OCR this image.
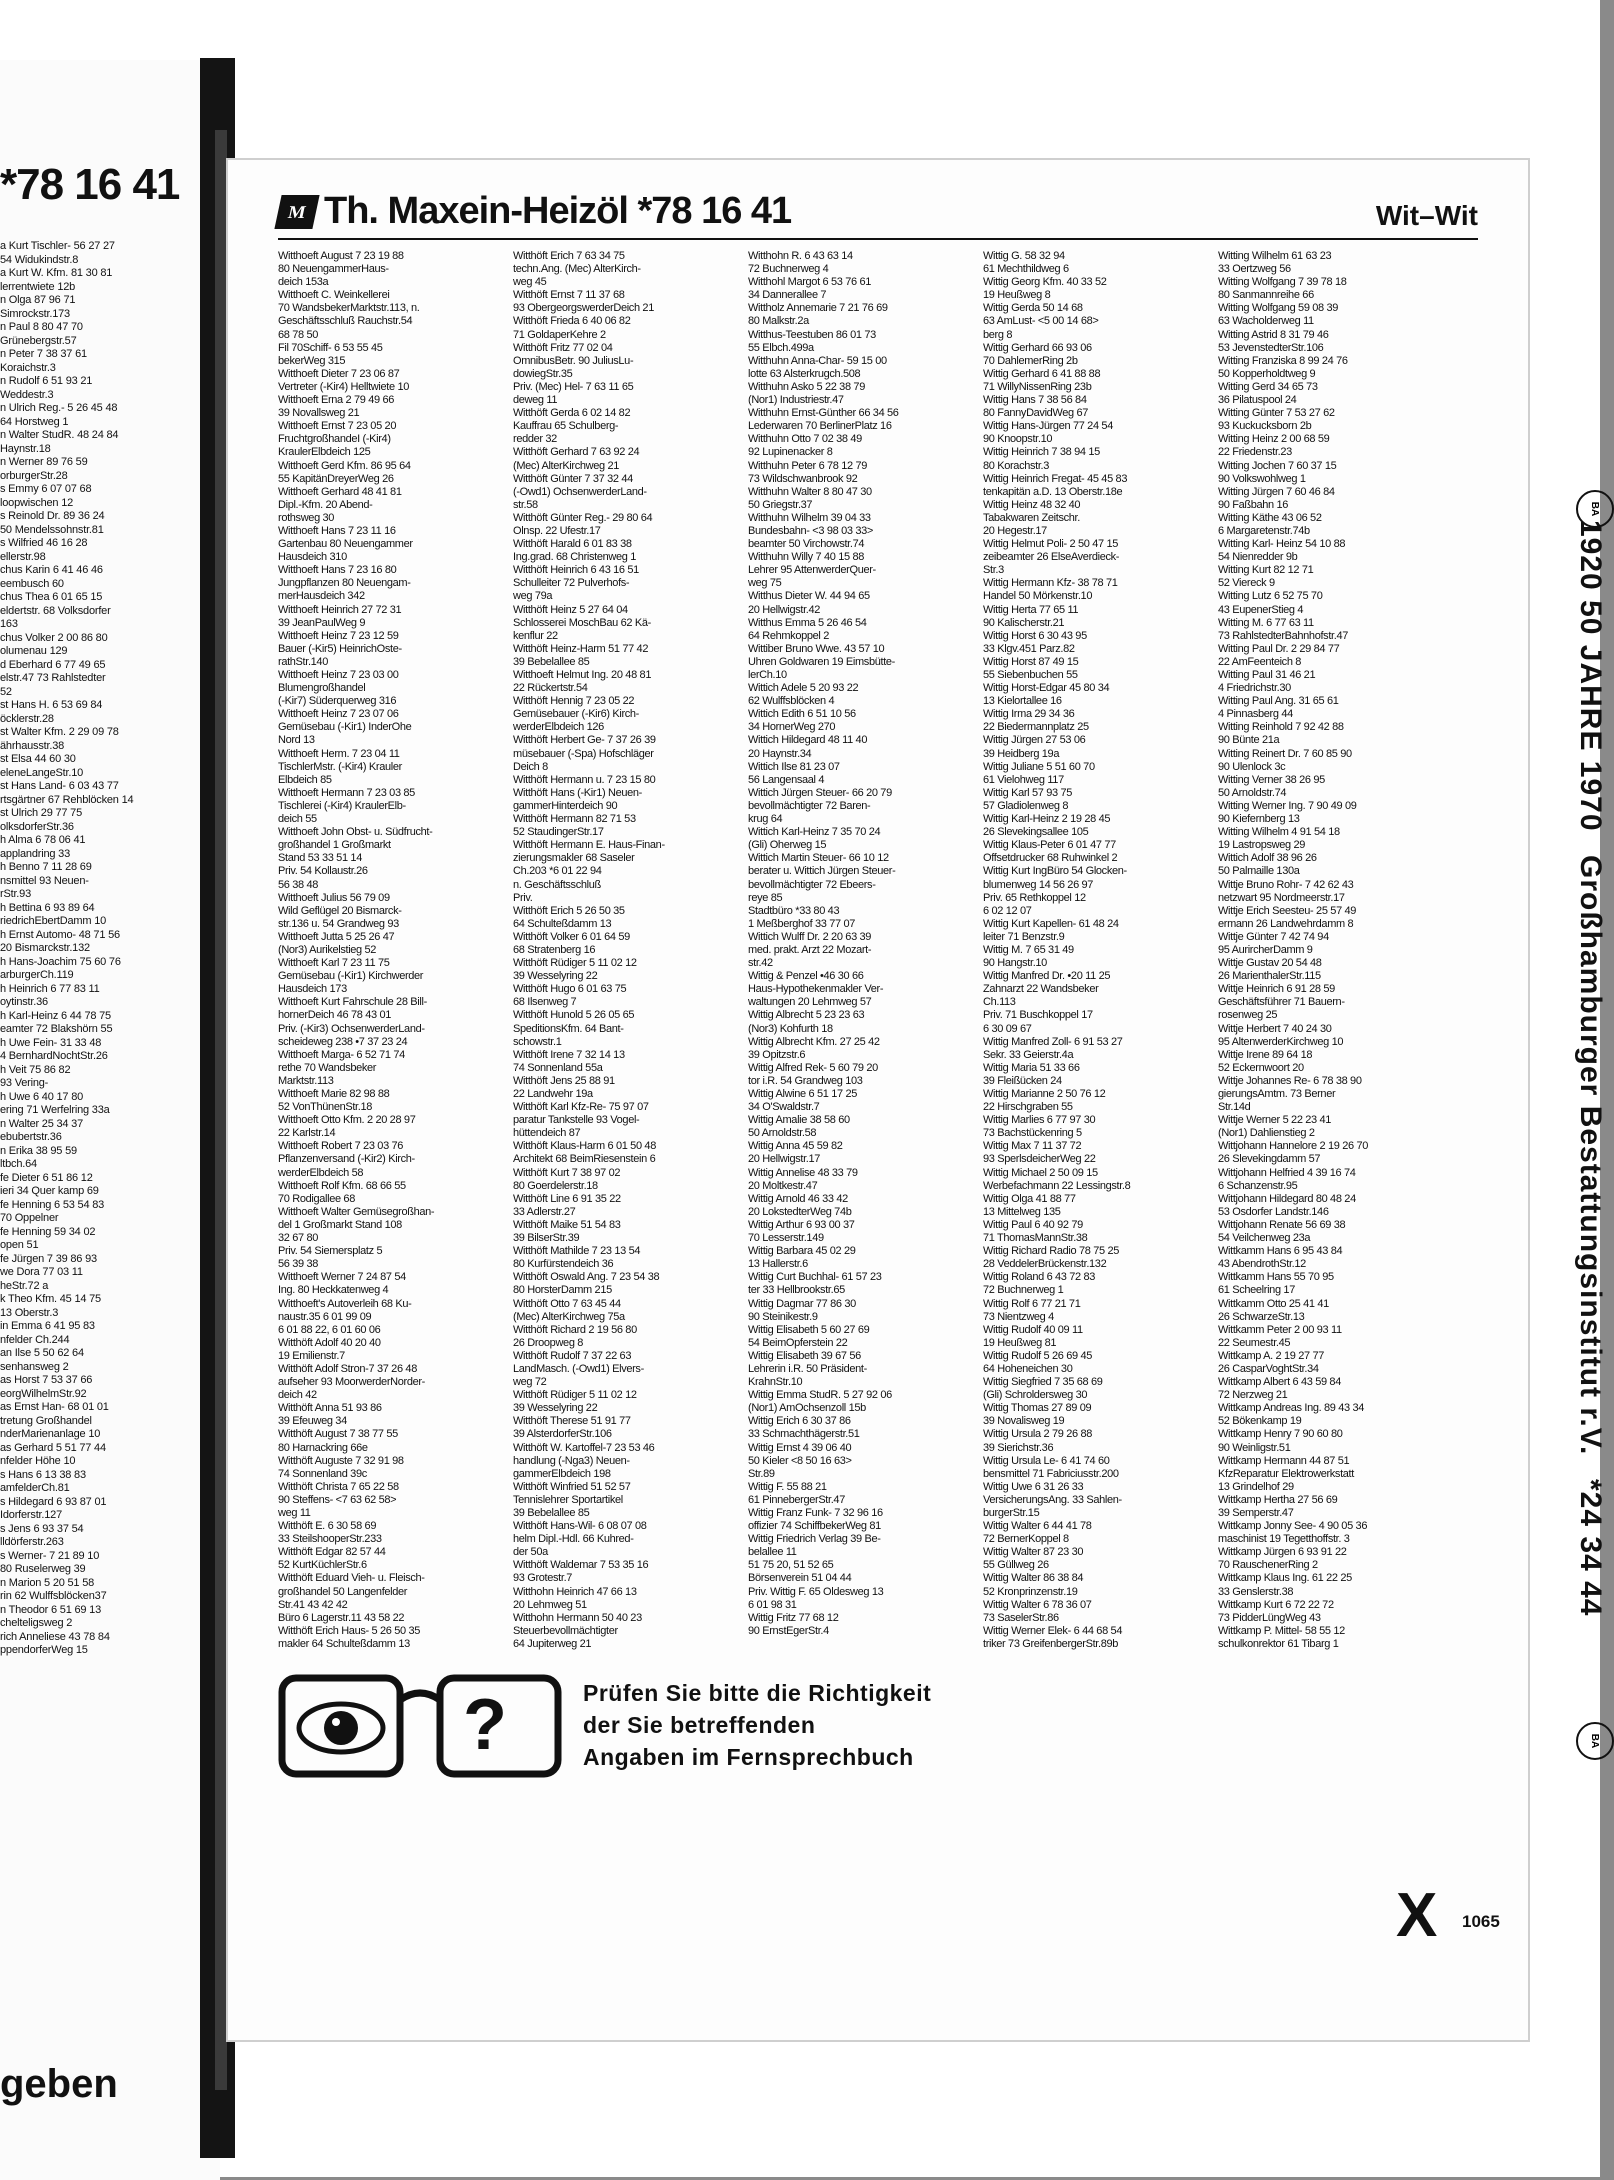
*78 16 41
a Kurt Tischler- 56 27 27
54 Widukindstr.8
a Kurt W. Kfm. 81 30 81
lerrentwiete 12b
n Olga 87 96 71
Simrockstr.173
n Paul 8 80 47 70
Grünebergstr.57
n Peter 7 38 37 61
Koraichstr.3
n Rudolf 6 51 93 21
Weddestr.3
n Ulrich Reg.- 5 26 45 48
64 Horstweg 1
n Walter StudR. 48 24 84
Haynstr.18
n Werner 89 76 59
orburgerStr.28
s Emmy 6 07 07 68
loopwischen 12
s Reinold Dr. 89 36 24
50 Mendelssohnstr.81
s Wilfried 46 16 28
ellerstr.98
chus Karin 6 41 46 46
eembusch 60
chus Thea 6 01 65 15
eldertstr. 68 Volksdorfer
163
chus Volker 2 00 86 80
olumenau 129
d Eberhard 6 77 49 65
elstr.47 73 Rahlstedter
52
st Hans H. 6 53 69 84
öcklerstr.28
st Walter Kfm. 2 29 09 78
ährhausstr.38
st Elsa 44 60 30
eleneLangeStr.10
st Hans Land- 6 03 43 77
rtsgärtner 67 Rehblöcken 14
st Ulrich 29 77 75
olksdorferStr.36
h Alma 6 78 06 41
applandring 33
h Benno 7 11 28 69
nsmittel 93 Neuen-
rStr.93
h Bettina 6 93 89 64
riedrichEbertDamm 10
h Ernst Automo- 48 71 56
20 Bismarckstr.132
h Hans-Joachim 75 60 76
arburgerCh.119
h Heinrich 6 77 83 11
oytinstr.36
h Karl-Heinz 6 44 78 75
eamter 72 Blakshörn 55
h Uwe Fein- 31 33 48
4 BernhardNochtStr.26
h Veit 75 86 82
93 Vering-
h Uwe 6 40 17 80
ering 71 Werfelring 33a
n Walter 25 34 37
ebubertstr.36
n Erika 38 95 59
ltbch.64
fe Dieter 6 51 86 12
ieri 34 Quer kamp 69
fe Henning 6 53 54 83
70 Oppelner
fe Henning 59 34 02
open 51
fe Jürgen 7 39 86 93
we Dora 77 03 11
heStr.72 a
k Theo Kfm. 45 14 75
13 Oberstr.3
in Emma 6 41 95 83
nfelder Ch.244
an Ilse 5 50 62 64
senhansweg 2
as Horst 7 53 37 66
eorgWilhelmStr.92
as Ernst Han- 68 01 01
tretung Großhandel
nderMarienanlage 10
as Gerhard 5 51 77 44
nfelder Höhe 10
s Hans 6 13 38 83
amfelderCh.81
s Hildegard 6 93 87 01
Idorferstr.127
s Jens 6 93 37 54
lldörferstr.263
s Werner- 7 21 89 10
80 Ruselerweg 39
n Marion 5 20 51 58
rin 62 Wulffsblöcken37
n Theodor 6 51 69 13
chelteligsweg 2
rich Anneliese 43 78 84
ppendorferWeg 15
geben
M Th. Maxein-Heizöl *78 16 41	Wit–Wit
Witthoeft August 7 23 19 88
80 NeuengammerHaus-
deich 153a
Witthoeft C. Weinkellerei
70 WandsbekerMarktstr.113, n.
Geschäftsschluß Rauchstr.54
68 78 50
Fil 70Schiff- 6 53 55 45
bekerWeg 315
Witthoeft Dieter 7 23 06 87
Vertreter (-Kir4) Helltwiete 10
Witthoeft Erna 2 79 49 66
39 Novallsweg 21
Witthoeft Ernst 7 23 05 20
FruchtgroßhandeI (-Kir4)
KraulerElbdeich 125
Witthoeft Gerd Kfm. 86 95 64
55 KapitänDreyerWeg 26
Witthoeft Gerhard 48 41 81
Dipl.-Kfm. 20 Abend-
rothsweg 30
Witthoeft Hans 7 23 11 16
Gartenbau 80 Neuengammer
Hausdeich 310
Witthoeft Hans 7 23 16 80
Jungpflanzen 80 Neuengam-
merHausdeich 342
Witthoeft Heinrich 27 72 31
39 JeanPaulWeg 9
Witthoeft Heinz 7 23 12 59
Bauer (-Kir5) HeinrichOste-
rathStr.140
Witthoeft Heinz 7 23 03 00
Blumengroßhandel
(-Kir7) Süderquerweg 316
Witthoeft Heinz 7 23 07 06
Gemüsebau (-Kir1) InderOhe
Nord 13
Witthoeft Herm. 7 23 04 11
TischlerMstr. (-Kir4) Krauler
Elbdeich 85
Witthoeft Hermann 7 23 03 85
Tischlerei (-Kir4) KraulerElb-
deich 55
Witthoeft John Obst- u. Südfrucht-
großhandel 1 Großmarkt
Stand 53 33 51 14
Priv. 54 Kollaustr.26
56 38 48
Witthoeft Julius 56 79 09
Wild Geflügel 20 Bismarck-
str.136 u. 54 Grandweg 93
Witthoeft Jutta 5 25 26 47
(Nor3) Aurikelstieg 52
Witthoeft Karl 7 23 11 75
Gemüsebau (-Kir1) Kirchwerder
Hausdeich 173
Witthoeft Kurt Fahrschule 28 Bill-
hornerDeich 46 78 43 01
Priv. (-Kir3) OchsenwerderLand-
scheideweg 238 •7 37 23 24
Witthoeft Marga- 6 52 71 74
rethe 70 Wandsbeker
Marktstr.113
Witthoeft Marie 82 98 88
52 VonThünenStr.18
Witthoeft Otto Kfm. 2 20 28 97
22 Karlstr.14
Witthoeft Robert 7 23 03 76
Pflanzenversand (-Kir2) Kirch-
werderElbdeich 58
Witthoeft Rolf Kfm. 68 66 55
70 Rodigallee 68
Witthoeft Walter Gemüsegroßhan-
del 1 Großmarkt Stand 108
32 67 80
Priv. 54 Siemersplatz 5
56 39 38
Witthoeft Werner 7 24 87 54
Ing. 80 Heckkatenweg 4
Witthoeft's Autoverleih 68 Ku-
naustr.35 6 01 99 09
6 01 88 22, 6 01 60 06
Witthöft Adolf 40 20 40
19 Emilienstr.7
Witthöft Adolf Stron-7 37 26 48
aufseher 93 MoorwerderNorder-
deich 42
Witthöft Anna 51 93 86
39 Efeuweg 34
Witthöft August 7 38 77 55
80 Harnackring 66e
Witthöft Auguste 7 32 91 98
74 Sonnenland 39c
Witthöft Christa 7 65 22 58
90 Steffens- <7 63 62 58>
weg 11
Witthöft E. 6 30 58 69
33 SteilshooperStr.233
Witthöft Edgar 82 57 44
52 KurtKüchlerStr.6
Witthöft Eduard Vieh- u. Fleisch-
großhandel 50 Langenfelder
Str.41 43 42 42
Büro 6 Lagerstr.11 43 58 22
Witthöft Erich Haus- 5 26 50 35
makler 64 Schulteßdamm 13
Witthöft Erich 7 63 34 75
techn.Ang. (Mec) AlterKirch-
weg 45
Witthöft Ernst 7 11 37 68
93 ObergeorgswerderDeich 21
Witthöft Frieda 6 40 06 82
71 GoldaperKehre 2
Witthöft Fritz 77 02 04
OmnibusBetr. 90 JuliusLu-
dowiegStr.35
Priv. (Mec) Hel- 7 63 11 65
deweg 11
Witthöft Gerda 6 02 14 82
Kauffrau 65 Schulberg-
redder 32
Witthöft Gerhard 7 63 92 24
(Mec) AlterKirchweg 21
Witthöft Günter 7 37 32 44
(-Owd1) OchsenwerderLand-
str.58
Witthöft Günter Reg.- 29 80 64
Olnsp. 22 Ufestr.17
Witthöft Harald 6 01 83 38
Ing.grad. 68 Christenweg 1
Witthöft Heinrich 6 43 16 51
Schulleiter 72 Pulverhofs-
weg 79a
Witthöft Heinz 5 27 64 04
Schlosserei MoschBau 62 Kä-
kenflur 22
Witthöft Heinz-Harm 51 77 42
39 Bebelallee 85
Witthoeft Helmut Ing. 20 48 81
22 Rückertstr.54
Witthöft Hennig 7 23 05 22
Gemüsebauer (-Kir6) Kirch-
werderElbdeich 126
Witthöft Herbert Ge- 7 37 26 39
müsebauer (-Spa) Hofschläger
Deich 8
Witthöft Hermann u. 7 23 15 80
Witthöft Hans (-Kir1) Neuen-
gammerHinterdeich 90
Witthöft Hermann 82 71 53
52 StaudingerStr.17
Witthöft Hermann E. Haus-Finan-
zierungsmakler 68 Saseler
Ch.203 *6 01 22 94
n. Geschäftsschluß
Priv.
Witthöft Erich 5 26 50 35
64 Schulteßdamm 13
Witthöft Volker 6 01 64 59
68 Stratenberg 16
Witthöft Rüdiger 5 11 02 12
39 Wesselyring 22
Witthöft Hugo 6 01 63 75
68 Ilsenweg 7
Witthöft Hunold 5 26 05 65
SpeditionsKfm. 64 Bant-
schowstr.1
Witthöft Irene 7 32 14 13
74 Sonnenland 55a
Witthöft Jens 25 88 91
22 Landwehr 19a
Witthöft Karl Kfz-Re- 75 97 07
paratur Tankstelle 93 Vogel-
hüttendeich 87
Witthöft Klaus-Harm 6 01 50 48
Architekt 68 BeimRiesenstein 6
Witthöft Kurt 7 38 97 02
80 Goerdelerstr.18
Witthöft Line 6 91 35 22
33 Adlerstr.27
Witthöft Maike 51 54 83
39 BilserStr.39
Witthöft Mathilde 7 23 13 54
80 Kurfürstendeich 36
Witthöft Oswald Ang. 7 23 54 38
80 HorsterDamm 215
Witthöft Otto 7 63 45 44
(Mec) AlterKirchweg 75a
Witthöft Richard 2 19 56 80
26 Droopweg 8
Witthöft Rudolf 7 37 22 63
LandMasch. (-Owd1) Elvers-
weg 72
Witthöft Rüdiger 5 11 02 12
39 Wesselyring 22
Witthöft Therese 51 91 77
39 AlsterdorferStr.106
Witthöft W. Kartoffel-7 23 53 46
handlung (-Nga3) Neuen-
gammerElbdeich 198
Witthöft Winfried 51 52 57
Tennislehrer Sportartikel
39 Bebelallee 85
Witthöft Hans-Wil- 6 08 07 08
helm Dipl.-Hdl. 66 Kuhred-
der 50a
Witthöft Waldemar 7 53 35 16
93 Grotestr.7
Witthohn Heinrich 47 66 13
20 Lehmweg 51
Witthohn Hermann 50 40 23
Steuerbevollmächtigter
64 Jupiterweg 21
Witthohn R. 6 43 63 14
72 Buchnerweg 4
Witthohl Margot 6 53 76 61
34 Dannerallee 7
Wittholz Annemarie 7 21 76 69
80 Malkstr.2a
Witthus-Teestuben 86 01 73
55 Elbch.499a
Witthuhn Anna-Char- 59 15 00
lotte 63 Alsterkrugch.508
Witthuhn Asko 5 22 38 79
(Nor1) Industriestr.47
Witthuhn Ernst-Günther 66 34 56
Lederwaren 70 BerlinerPlatz 16
Witthuhn Otto 7 02 38 49
92 Lupinenacker 8
Witthuhn Peter 6 78 12 79
73 Wildschwanbrook 92
Witthuhn Walter 8 80 47 30
50 Griegstr.37
Witthuhn Wilhelm 39 04 33
Bundesbahn- <3 98 03 33>
beamter 50 Virchowstr.74
Witthuhn Willy 7 40 15 88
Lehrer 95 AttenwerderQuer-
weg 75
Witthus Dieter W. 44 94 65
20 Hellwigstr.42
Witthus Emma 5 26 46 54
64 Rehmkoppel 2
Wittiber Bruno Wwe. 43 57 10
Uhren Goldwaren 19 Eimsbütte-
lerCh.10
Wittich Adele 5 20 93 22
62 Wulffsblöcken 4
Wittich Edith 6 51 10 56
34 HornerWeg 270
Wittich Hildegard 48 11 40
20 Haynstr.34
Wittich Ilse 81 23 07
56 Langensaal 4
Wittich Jürgen Steuer- 66 20 79
bevollmächtigter 72 Baren-
krug 64
Wittich Karl-Heinz 7 35 70 24
(Gli) Oherweg 15
Wittich Martin Steuer- 66 10 12
berater u. Wittich Jürgen Steuer-
bevollmächtigter 72 Ebeers-
reye 85
Stadtbüro *33 80 43
1 Meßberghof 33 77 07
Wittich Wulff Dr. 2 20 63 39
med. prakt. Arzt 22 Mozart-
str.42
Wittig & Penzel •46 30 66
Haus-Hypothekenmakler Ver-
waltungen 20 Lehmweg 57
Wittig Albrecht 5 23 23 63
(Nor3) Kohfurth 18
Wittig Albrecht Kfm. 27 25 42
39 Opitzstr.6
Wittig Alfred Rek- 5 60 79 20
tor i.R. 54 Grandweg 103
Wittig Alwine 6 51 17 25
34 O'Swaldstr.7
Wittig Amalie 38 58 60
50 Arnoldstr.58
Wittig Anna 45 59 82
20 Hellwigstr.17
Wittig Annelise 48 33 79
20 Moltkestr.47
Wittig Arnold 46 33 42
20 LokstedterWeg 74b
Wittig Arthur 6 93 00 37
70 Lesserstr.149
Wittig Barbara 45 02 29
13 Hallerstr.6
Wittig Curt Buchhal- 61 57 23
ter 33 Hellbrookstr.65
Wittig Dagmar 77 86 30
90 Steinikestr.9
Wittig Elisabeth 5 60 27 69
54 BeimOpferstein 22
Wittig Elisabeth 39 67 56
Lehrerin i.R. 50 Präsident-
KrahnStr.10
Wittig Emma StudR. 5 27 92 06
(Nor1) AmOchsenzoll 15b
Wittig Erich 6 30 37 86
33 Schmachthägerstr.51
Wittig Ernst 4 39 06 40
50 Kieler <8 50 16 63>
Str.89
Wittig F. 55 88 21
61 PinnebergerStr.47
Wittig Franz Funk- 7 32 96 16
offizier 74 SchiffbekerWeg 81
Wittig Friedrich Verlag 39 Be-
belallee 11
51 75 20, 51 52 65
Börsenverein 51 04 44
Priv. Wittig F. 65 Oldesweg 13
6 01 98 31
Wittig Fritz 77 68 12
90 ErnstEgerStr.4
Wittig G. 58 32 94
61 Mechthildweg 6
Wittig Georg Kfm. 40 33 52
19 Heußweg 8
Wittig Gerda 50 14 68
63 AmLust- <5 00 14 68>
berg 8
Wittig Gerhard 66 93 06
70 DahlemerRing 2b
Wittig Gerhard 6 41 88 88
71 WillyNissenRing 23b
Wittig Hans 7 38 56 84
80 FannyDavidWeg 67
Wittig Hans-Jürgen 77 24 54
90 Knoopstr.10
Wittig Heinrich 7 38 94 15
80 Korachstr.3
Wittig Heinrich Fregat- 45 45 83
tenkapitän a.D. 13 Oberstr.18e
Wittig Heinz 48 32 40
Tabakwaren Zeitschr.
20 Hegestr.17
Wittig Helmut Poli- 2 50 47 15
zeibeamter 26 ElseAverdieck-
Str.3
Wittig Hermann Kfz- 38 78 71
Handel 50 Mörkenstr.10
Wittig Herta 77 65 11
90 Kalischerstr.21
Wittig Horst 6 30 43 95
33 Klgv.451 Parz.82
Wittig Horst 87 49 15
55 Siebenbuchen 55
Wittig Horst-Edgar 45 80 34
13 Kielortallee 16
Wittig Irma 29 34 36
22 Biedermannplatz 25
Wittig Jürgen 27 53 06
39 Heidberg 19a
Wittig Juliane 5 51 60 70
61 Vielohweg 117
Wittig Karl 57 93 75
57 Gladiolenweg 8
Wittig Karl-Heinz 2 19 28 45
26 Slevekingsallee 105
Wittig Klaus-Peter 6 01 47 77
Offsetdrucker 68 Ruhwinkel 2
Wittig Kurt IngBüro 54 Glocken-
blumenweg 14 56 26 97
Priv. 65 Rethkoppel 12
6 02 12 07
Wittig Kurt Kapellen- 61 48 24
leiter 71 Benzstr.9
Wittig M. 7 65 31 49
90 Hangstr.10
Wittig Manfred Dr. •20 11 25
Zahnarzt 22 Wandsbeker
Ch.113
Priv. 71 Buschkoppel 17
6 30 09 67
Wittig Manfred Zoll- 6 91 53 27
Sekr. 33 Geierstr.4a
Wittig Maria 51 33 66
39 Fleißücken 24
Wittig Marianne 2 50 76 12
22 Hirschgraben 55
Wittig Marlies 6 77 97 30
73 Bachstückenring 5
Wittig Max 7 11 37 72
93 SperlsdeicherWeg 22
Wittig Michael 2 50 09 15
Werbefachmann 22 Lessingstr.8
Wittig Olga 41 88 77
13 Mittelweg 135
Wittig Paul 6 40 92 79
71 ThomasMannStr.38
Wittig Richard Radio 78 75 25
28 VeddelerBrückenstr.132
Wittig Roland 6 43 72 83
72 Buchnerweg 1
Wittig Rolf 6 77 21 71
73 Nientzweg 4
Wittig Rudolf 40 09 11
19 Heußweg 81
Wittig Rudolf 5 26 69 45
64 Hoheneichen 30
Wittig Siegfried 7 35 68 69
(Gli) Schroldersweg 30
Wittig Thomas 27 89 09
39 Novalisweg 19
Wittig Ursula 2 79 26 88
39 Sierichstr.36
Wittig Ursula Le- 6 41 74 60
bensmittel 71 Fabriciusstr.200
Wittig Uwe 6 31 26 33
VersicherungsAng. 33 Sahlen-
burgerStr.15
Wittig Walter 6 44 41 78
72 BernerKoppel 8
Wittig Walter 87 23 30
55 Güllweg 26
Wittig Walter 86 38 84
52 Kronprinzenstr.19
Wittig Walter 6 78 36 07
73 SaselerStr.86
Wittig Werner Elek- 6 44 68 54
triker 73 GreifenbergerStr.89b
Witting Wilhelm 61 63 23
33 Oertzweg 56
Witting Wolfgang 7 39 78 18
80 Sanmannreihe 66
Witting Wolfgang 59 08 39
63 Wacholderweg 11
Witting Astrid 8 31 79 46
53 JevenstedterStr.106
Witting Franziska 8 99 24 76
50 Kopperholdtweg 9
Witting Gerd 34 65 73
36 Pilatuspool 24
Witting Günter 7 53 27 62
93 Kuckucksborn 2b
Witting Heinz 2 00 68 59
22 Friedenstr.23
Witting Jochen 7 60 37 15
90 Volkswohlweg 1
Witting Jürgen 7 60 46 84
90 Faßbahn 16
Witting Käthe 43 06 52
6 Margaretenstr.74b
Witting Karl- Heinz 54 10 88
54 Nienredder 9b
Witting Kurt 82 12 71
52 Viereck 9
Witting Lutz 6 52 75 70
43 EupenerStieg 4
Witting M. 6 77 63 11
73 RahlstedterBahnhofstr.47
Witting Paul Dr. 2 29 84 77
22 AmFeenteich 8
Witting Paul 31 46 21
4 Friedrichstr.30
Witting Paul Ang. 31 65 61
4 Pinnasberg 44
Witting Reinhold 7 92 42 88
90 Bünte 21a
Witting Reinert Dr. 7 60 85 90
90 Ulenlock 3c
Witting Verner 38 26 95
50 Arnoldstr.74
Witting Werner Ing. 7 90 49 09
90 Kiefernberg 13
Witting Wilhelm 4 91 54 18
19 Lastropsweg 29
Wittich Adolf 38 96 26
50 Palmaille 130a
Wittje Bruno Rohr- 7 42 62 43
netzwart 95 Nordmeerstr.17
Wittje Erich Seesteu- 25 57 49
ermann 26 Landwehrdamm 8
Wittje Günter 7 42 74 94
95 AurircherDamm 9
Wittje Gustav 20 54 48
26 MarienthalerStr.115
Wittje Heinrich 6 91 28 59
Geschäftsführer 71 Bauern-
rosenweg 25
Wittje Herbert 7 40 24 30
95 AltenwerderKirchweg 10
Wittje Irene 89 64 18
52 Eckernwoort 20
Wittje Johannes Re- 6 78 38 90
gierungsAmtm. 73 Berner
Str.14d
Wittje Werner 5 22 23 41
(Nor1) Dahlienstieg 2
Wittjohann Hannelore 2 19 26 70
26 Slevekingdamm 57
Wittjohann Helfried 4 39 16 74
6 Schanzenstr.95
Wittjohann Hildegard 80 48 24
53 Osdorfer Landstr.146
Wittjohann Renate 56 69 38
54 Veilchenweg 23a
Wittkamm Hans 6 95 43 84
43 AbendrothStr.12
Wittkamm Hans 55 70 95
61 Scheelring 17
Wittkamm Otto 25 41 41
26 SchwarzeStr.13
Wittkamm Peter 2 00 93 11
22 Seumestr.45
Wittkamp A. 2 19 27 77
26 CasparVoghtStr.34
Wittkamp Albert 6 43 59 84
72 Nerzweg 21
Wittkamp Andreas Ing. 89 43 34
52 Bökenkamp 19
Wittkamp Henry 7 90 60 80
90 Weinligstr.51
Wittkamp Hermann 44 87 51
KfzReparatur Elektrowerkstatt
13 Grindelhof 29
Wittkamp Hertha 27 56 69
39 Semperstr.47
Wittkamp Jonny See- 4 90 05 36
maschinist 19 Tegetthoffstr. 3
Wittkamp Jürgen 6 93 91 22
70 RauschenerRing 2
Wittkamp Klaus Ing. 61 22 25
33 Genslerstr.38
Wittkamp Kurt 6 72 22 72
73 PidderLüngWeg 43
Wittkamp P. Mittel- 58 55 12
schulkonrektor 61 Tibarg 1
BA
1920 50 JAHRE 1970 Großhamburger Bestattungsinstitut r.V. *24 34 44
BA
?	Prüfen Sie bitte die Richtigkeit
der Sie betreffenden
Angaben im Fernsprechbuch
X 1065
